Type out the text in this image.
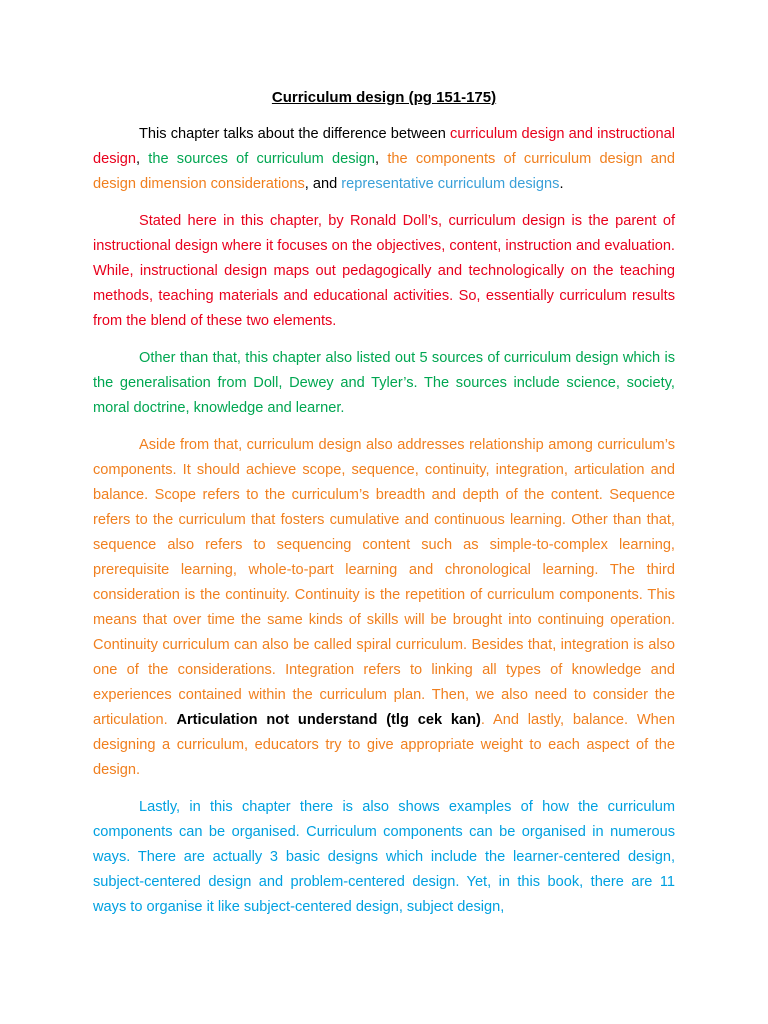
Curriculum design (pg 151-175)

This chapter talks about the difference between curriculum design and instructional design, the sources of curriculum design, the components of curriculum design and design dimension considerations, and representative curriculum designs.

Stated here in this chapter, by Ronald Doll’s, curriculum design is the parent of instructional design where it focuses on the objectives, content, instruction and evaluation. While, instructional design maps out pedagogically and technologically on the teaching methods, teaching materials and educational activities. So, essentially curriculum results from the blend of these two elements.

Other than that, this chapter also listed out 5 sources of curriculum design which is the generalisation from Doll, Dewey and Tyler’s. The sources include science, society, moral doctrine, knowledge and learner.

Aside from that, curriculum design also addresses relationship among curriculum’s components. It should achieve scope, sequence, continuity, integration, articulation and balance. Scope refers to the curriculum’s breadth and depth of the content. Sequence refers to the curriculum that fosters cumulative and continuous learning. Other than that, sequence also refers to sequencing content such as simple-to-complex learning, prerequisite learning, whole-to-part learning and chronological learning. The third consideration is the continuity. Continuity is the repetition of curriculum components. This means that over time the same kinds of skills will be brought into continuing operation. Continuity curriculum can also be called spiral curriculum. Besides that, integration is also one of the considerations. Integration refers to linking all types of knowledge and experiences contained within the curriculum plan. Then, we also need to consider the articulation. Articulation not understand (tlg cek kan). And lastly, balance. When designing a curriculum, educators try to give appropriate weight to each aspect of the design.

Lastly, in this chapter there is also shows examples of how the curriculum components can be organised. Curriculum components can be organised in numerous ways. There are actually 3 basic designs which include the learner-centered design, subject-centered design and problem-centered design. Yet, in this book, there are 11 ways to organise it like subject-centered design, subject design,
